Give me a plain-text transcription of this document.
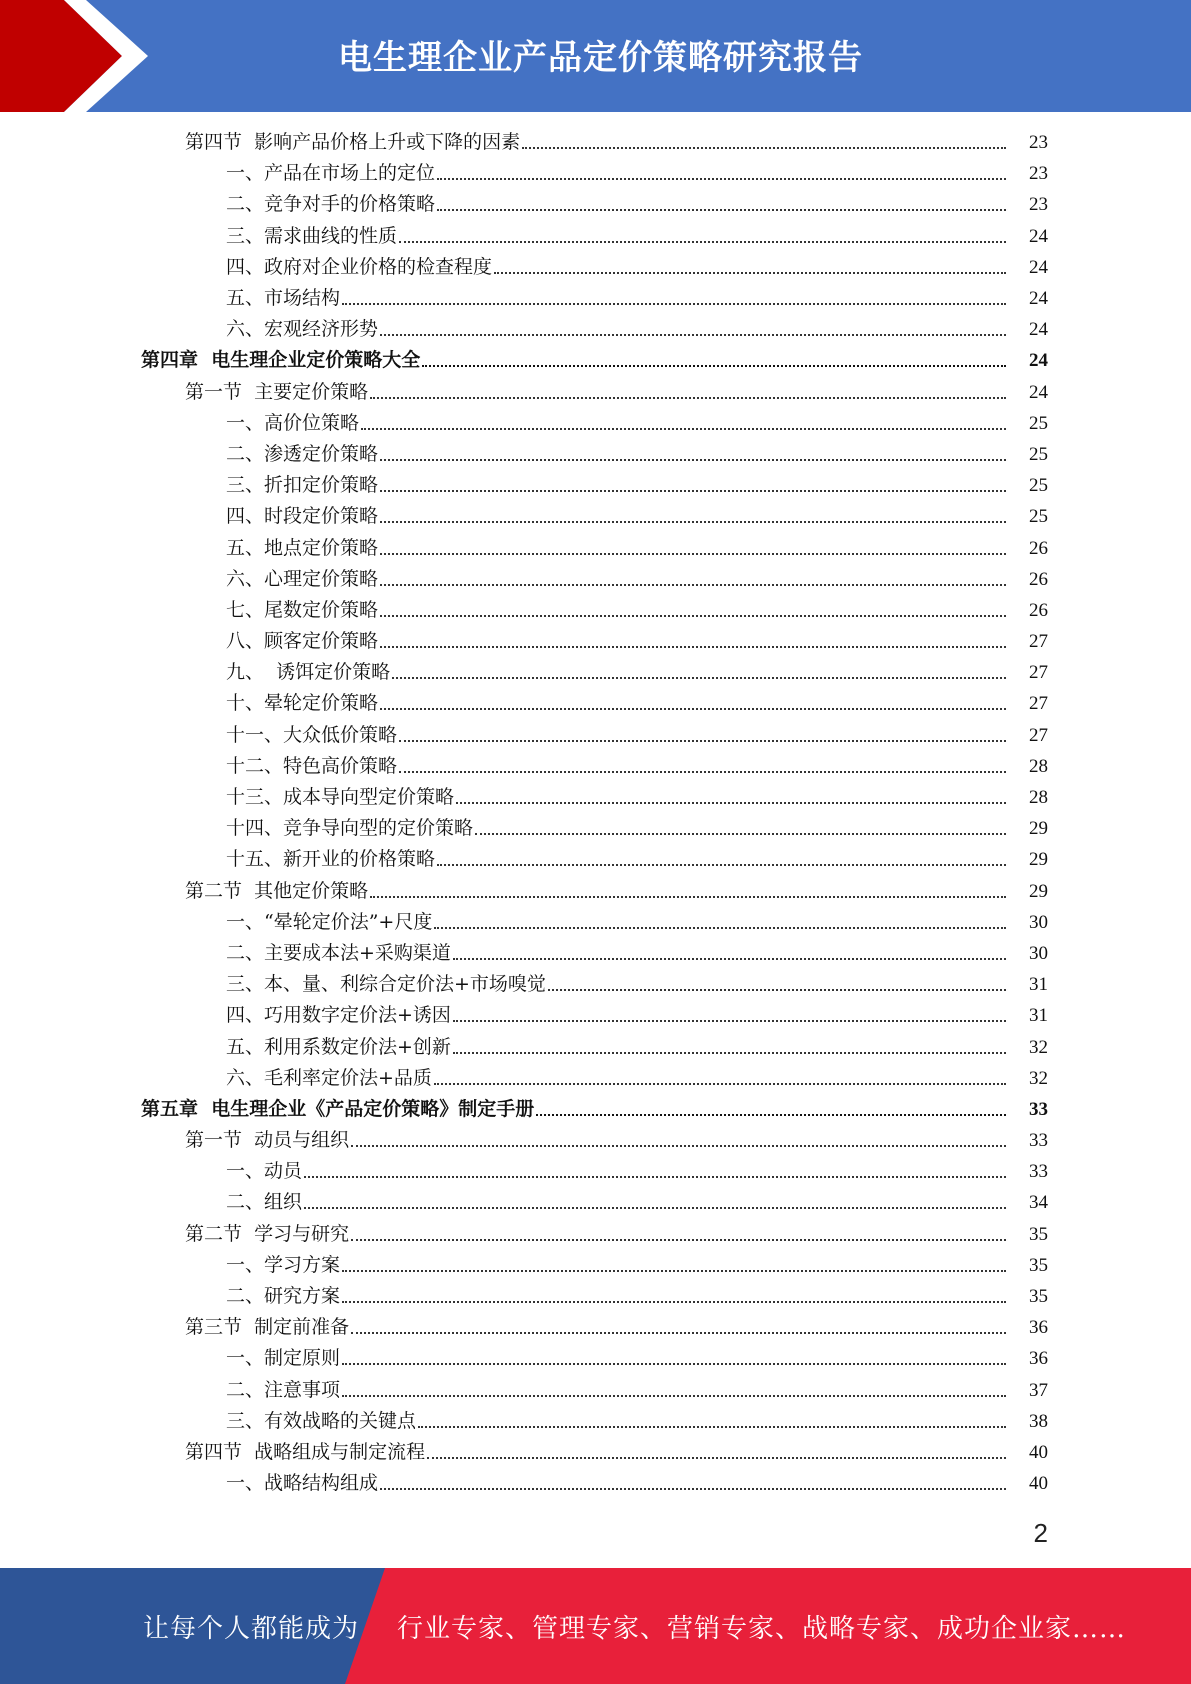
电生理企业产品定价策略研究报告
第四节  影响产品价格上升或下降的因素	23
一、产品在市场上的定位	23
二、竞争对手的价格策略	23
三、需求曲线的性质	24
四、政府对企业价格的检查程度	24
五、市场结构	24
六、宏观经济形势	24
第四章  电生理企业定价策略大全	24
第一节  主要定价策略	24
一、高价位策略	25
二、渗透定价策略	25
三、折扣定价策略	25
四、时段定价策略	25
五、地点定价策略	26
六、心理定价策略	26
七、尾数定价策略	26
八、顾客定价策略	27
九、  诱饵定价策略	27
十、晕轮定价策略	27
十一、大众低价策略	27
十二、特色高价策略	28
十三、成本导向型定价策略	28
十四、竞争导向型的定价策略	29
十五、新开业的价格策略	29
第二节  其他定价策略	29
一、“晕轮定价法”+尺度	30
二、主要成本法+采购渠道	30
三、本、量、利综合定价法+市场嗅觉	31
四、巧用数字定价法+诱因	31
五、利用系数定价法+创新	32
六、毛利率定价法+品质	32
第五章  电生理企业《产品定价策略》制定手册	33
第一节  动员与组织	33
一、动员	33
二、组织	34
第二节  学习与研究	35
一、学习方案	35
二、研究方案	35
第三节  制定前准备	36
一、制定原则	36
二、注意事项	37
三、有效战略的关键点	38
第四节  战略组成与制定流程	40
一、战略结构组成	40
2
让每个人都能成为 行业专家、管理专家、营销专家、战略专家、成功企业家……
